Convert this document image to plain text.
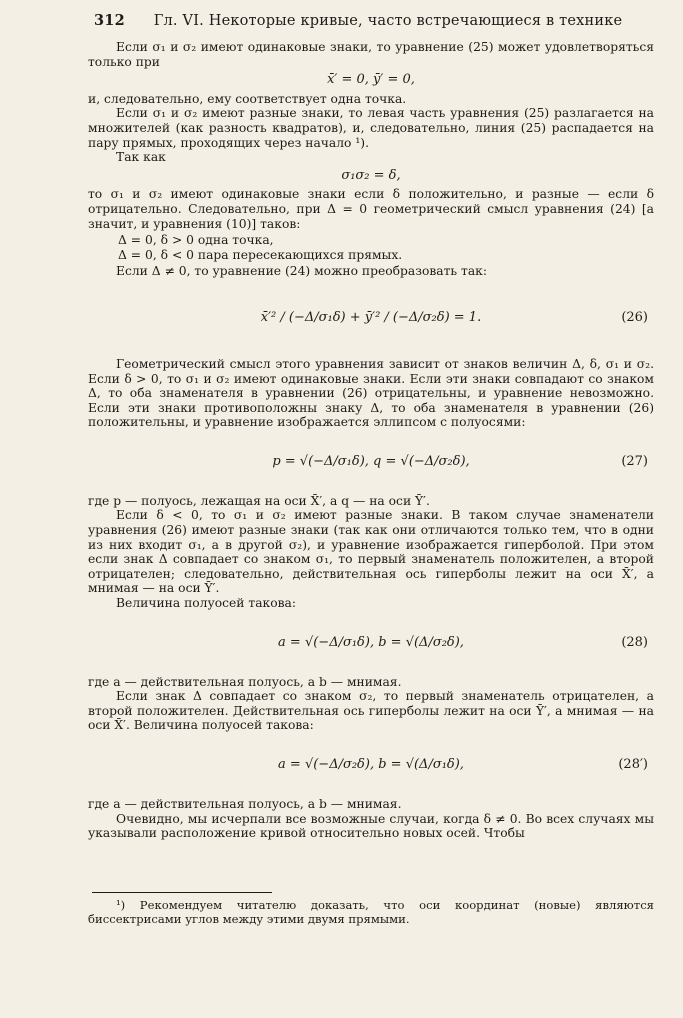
312 Гл. VI. Некоторые кривые, часто встречающиеся в технике

Если σ₁ и σ₂ имеют одинаковые знаки, то уравнение (25) может удовлетворяться только при

x̄′ = 0, ȳ′ = 0,

и, следовательно, ему соответствует одна точка.

Если σ₁ и σ₂ имеют разные знаки, то левая часть уравнения (25) разлагается на множителей (как разность квадратов), и, следовательно, линия (25) распадается на пару прямых, проходящих через начало ¹).

Так как

σ₁σ₂ = δ,

то σ₁ и σ₂ имеют одинаковые знаки если δ положительно, и разные — если δ отрицательно. Следовательно, при Δ = 0 геометрический смысл уравнения (24) [а значит, и уравнения (10)] таков:

Δ = 0, δ > 0 одна точка,
Δ = 0, δ < 0 пара пересекающихся прямых.

Если Δ ≠ 0, то уравнение (24) можно преобразовать так:

x̄′² / (−Δ/σ₁δ) + ȳ′² / (−Δ/σ₂δ) = 1.	(26)

Геометрический смысл этого уравнения зависит от знаков величин Δ, δ, σ₁ и σ₂. Если δ > 0, то σ₁ и σ₂ имеют одинаковые знаки. Если эти знаки совпадают со знаком Δ, то оба знаменателя в уравнении (26) отрицательны, и уравнение невозможно. Если эти знаки противоположны знаку Δ, то оба знаменателя в уравнении (26) положительны, и уравнение изображается эллипсом с полуосями:

p = √(−Δ/σ₁δ), q = √(−Δ/σ₂δ),	(27)

где p — полуось, лежащая на оси X̄′, а q — на оси Ȳ′.

Если δ < 0, то σ₁ и σ₂ имеют разные знаки. В таком случае знаменатели уравнения (26) имеют разные знаки (так как они отличаются только тем, что в одни из них входит σ₁, а в другой σ₂), и уравнение изображается гиперболой. При этом если знак Δ совпадает со знаком σ₁, то первый знаменатель положителен, а второй отрицателен; следовательно, действительная ось гиперболы лежит на оси X̄′, а мнимая — на оси Ȳ′.

Величина полуосей такова:

a = √(−Δ/σ₁δ), b = √(Δ/σ₂δ),	(28)

где a — действительная полуось, а b — мнимая.

Если знак Δ совпадает со знаком σ₂, то первый знаменатель отрицателен, а второй положителен. Действительная ось гиперболы лежит на оси Ȳ′, а мнимая — на оси X̄′. Величина полуосей такова:

a = √(−Δ/σ₂δ), b = √(Δ/σ₁δ),	(28′)

где a — действительная полуось, а b — мнимая.

Очевидно, мы исчерпали все возможные случаи, когда δ ≠ 0. Во всех случаях мы указывали расположение кривой относительно новых осей. Чтобы

¹) Рекомендуем читателю доказать, что оси координат (новые) являются биссектрисами углов между этими двумя прямыми.
